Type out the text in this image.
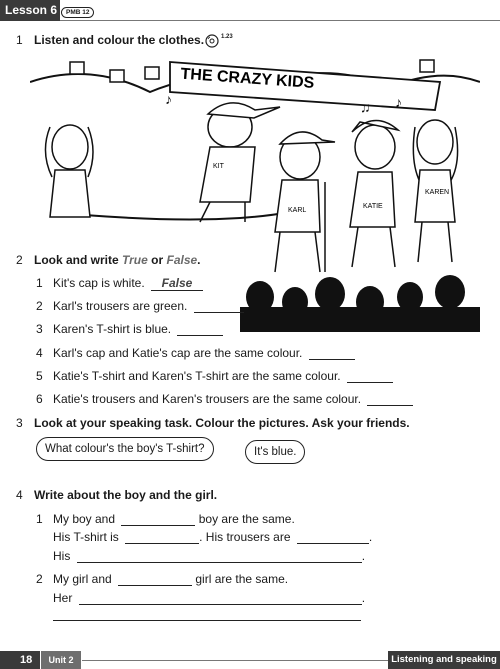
Lesson 6	PMB 12
1 Listen and colour the clothes.	1.23
THE CRAZY KIDS
KIT
KARL
KATIE
KAREN
♪	♫ ♪
2 Look and write True or False.
1 Kit's cap is white. False
2 Karl's trousers are green.
3 Karen's T-shirt is blue.
4 Karl's cap and Katie's cap are the same colour.
5 Katie's T-shirt and Karen's T-shirt are the same colour.
6 Katie's trousers and Karen's trousers are the same colour.
3 Look at your speaking task. Colour the pictures. Ask your friends.
What colour's the boy's T-shirt?	It's blue.
4 Write about the boy and the girl.
1 My boy and	boy are the same.
His T-shirt is	. His trousers are	.
His	.
2 My girl and	girl are the same.
Her	.
18	Unit 2	Listening and speaking
